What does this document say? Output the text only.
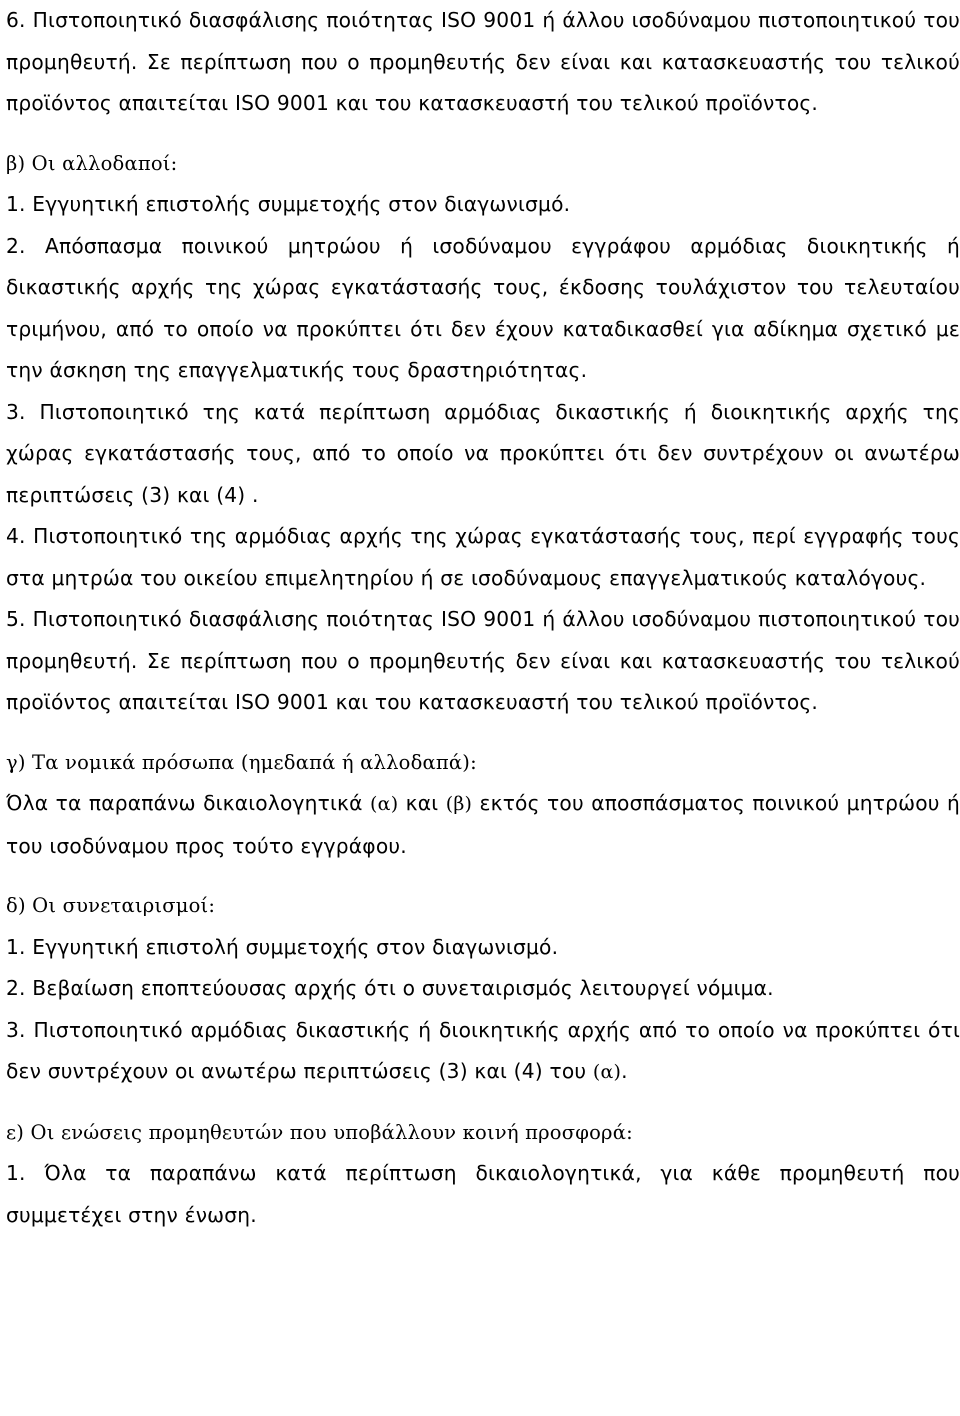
6. Πιστοποιητικό διασφάλισης ποιότητας ISO 9001 ή άλλου ισοδύναμου πιστοποιητικού του προμηθευτή. Σε περίπτωση που ο προμηθευτής δεν είναι και κατασκευαστής του τελικού προϊόντος απαιτείται ISO 9001 και του κατασκευαστή του τελικού προϊόντος.

β) Οι αλλοδαποί:

1. Εγγυητική επιστολής συμμετοχής στον διαγωνισμό.

2. Απόσπασμα ποινικού μητρώου ή ισοδύναμου εγγράφου αρμόδιας διοικητικής ή δικαστικής αρχής της χώρας εγκατάστασής τους, έκδοσης τουλάχιστον του τελευταίου τριμήνου, από το οποίο να προκύπτει ότι δεν έχουν καταδικασθεί για αδίκημα σχετικό με την άσκηση της επαγγελματικής τους δραστηριότητας.

3. Πιστοποιητικό της κατά περίπτωση αρμόδιας δικαστικής ή διοικητικής αρχής της χώρας εγκατάστασής τους, από το οποίο να προκύπτει ότι δεν συντρέχουν οι ανωτέρω περιπτώσεις (3) και (4) .

4. Πιστοποιητικό της αρμόδιας αρχής της χώρας εγκατάστασής τους, περί εγγραφής τους στα μητρώα του οικείου επιμελητηρίου ή σε ισοδύναμους επαγγελματικούς καταλόγους.

5. Πιστοποιητικό διασφάλισης ποιότητας ISO 9001 ή άλλου ισοδύναμου πιστοποιητικού του προμηθευτή. Σε περίπτωση που ο προμηθευτής δεν είναι και κατασκευαστής του τελικού προϊόντος απαιτείται ISO 9001 και του κατασκευαστή του τελικού προϊόντος.

γ) Τα νομικά πρόσωπα (ημεδαπά ή αλλοδαπά):

Όλα τα παραπάνω δικαιολογητικά (α) και (β) εκτός του αποσπάσματος ποινικού μητρώου ή του ισοδύναμου προς τούτο εγγράφου.

δ) Οι συνεταιρισμοί:

1. Εγγυητική επιστολή συμμετοχής στον διαγωνισμό.

2. Βεβαίωση εποπτεύουσας αρχής ότι ο συνεταιρισμός λειτουργεί νόμιμα.

3. Πιστοποιητικό αρμόδιας δικαστικής ή διοικητικής αρχής από το οποίο να προκύπτει ότι δεν συντρέχουν οι ανωτέρω περιπτώσεις (3) και (4) του (α).

ε) Οι ενώσεις προμηθευτών που υποβάλλουν κοινή προσφορά:

1. Όλα τα παραπάνω κατά περίπτωση δικαιολογητικά, για κάθε προμηθευτή που συμμετέχει στην ένωση.
